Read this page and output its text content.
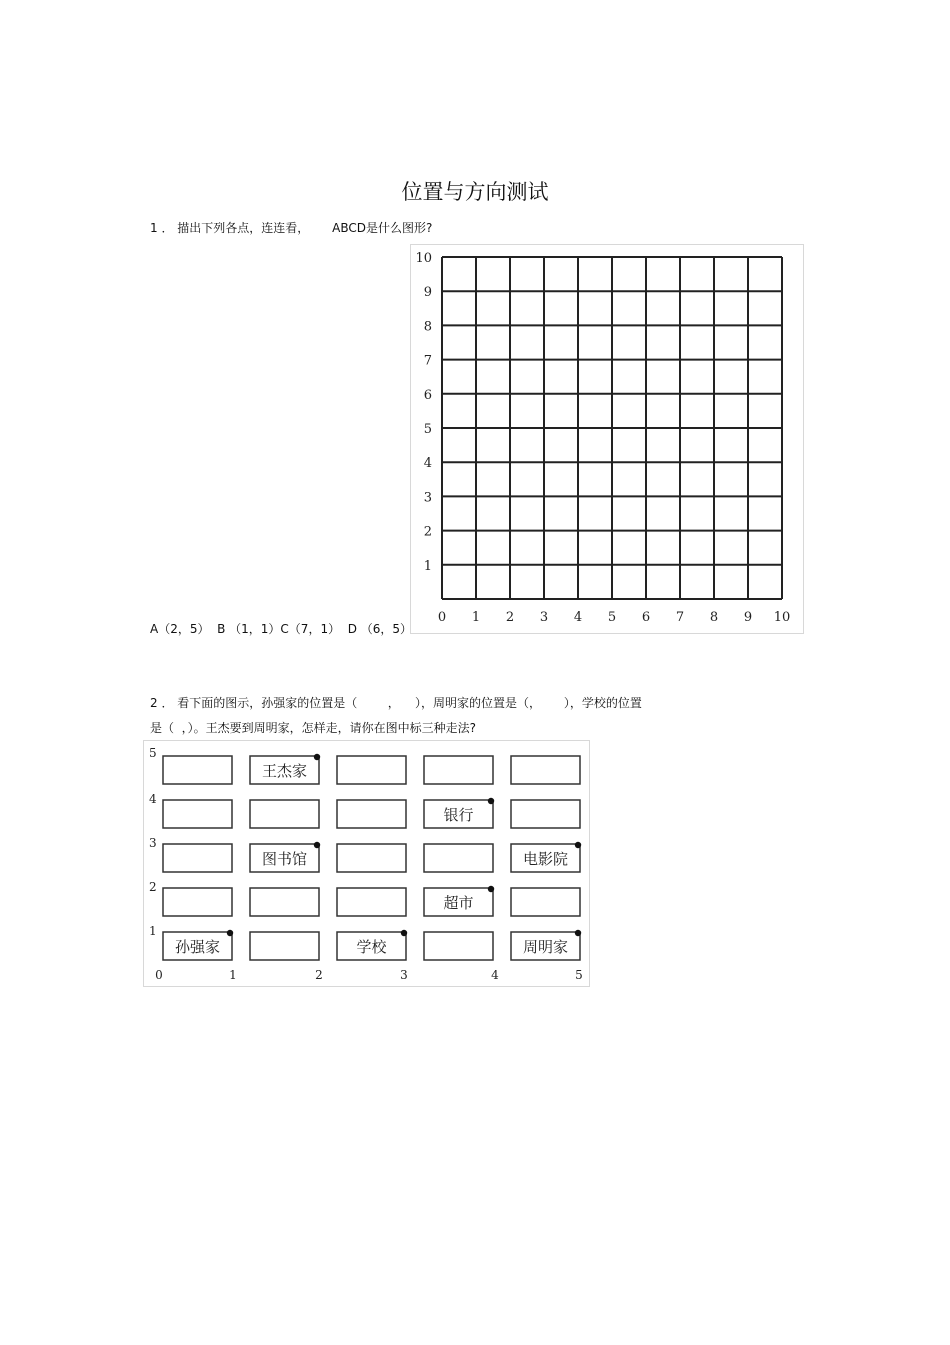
位置与方向测试
1 ． 描出下列各点，连连看，      ABCD是什么图形?
0 1 2 3 4 5 6 7 8 9 10
1
2
3
4
5
6
7
8
9
10
A（2，5）  B （1，1）C（7，1）  D （6，5）
2 ． 看下面的图示，孙强家的位置是（        ，    ），周明家的位置是（，      ），学校的位置
是（  ，）。王杰要到周明家，怎样走，请你在图中标三种走法?
王杰家
银行
图书馆	电影院
超市
孙强家	学校	周明家
1
2
3
4
5
0	1	2	3	4	5
